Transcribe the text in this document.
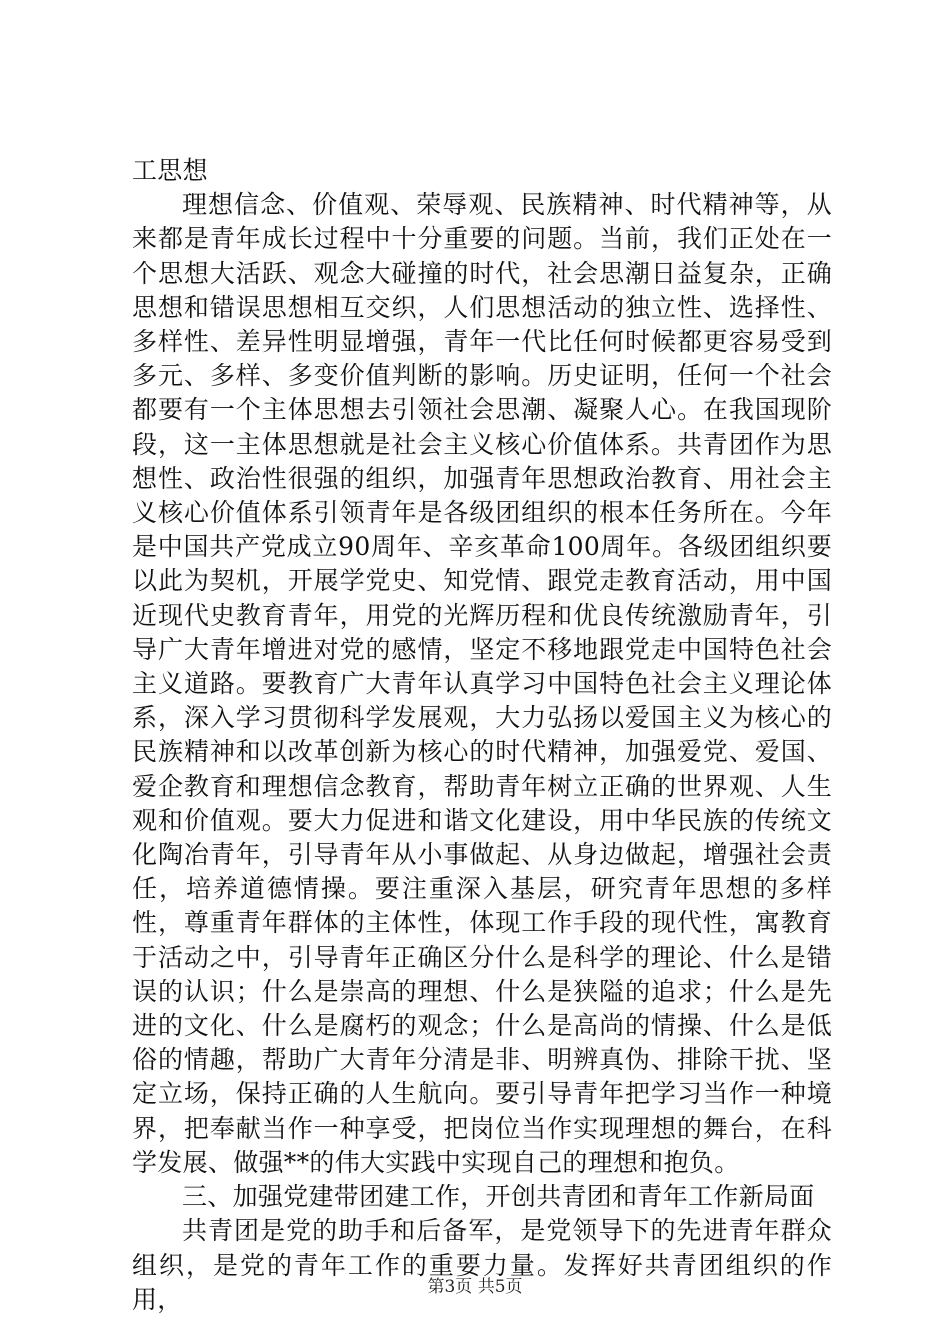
工思想

理想信念、价值观、荣辱观、民族精神、时代精神等，从来都是青年成长过程中十分重要的问题。当前，我们正处在一个思想大活跃、观念大碰撞的时代，社会思潮日益复杂，正确思想和错误思想相互交织，人们思想活动的独立性、选择性、多样性、差异性明显增强，青年一代比任何时候都更容易受到多元、多样、多变价值判断的影响。历史证明，任何一个社会都要有一个主体思想去引领社会思潮、凝聚人心。在我国现阶段，这一主体思想就是社会主义核心价值体系。共青团作为思想性、政治性很强的组织，加强青年思想政治教育、用社会主义核心价值体系引领青年是各级团组织的根本任务所在。今年是中国共产党成立90周年、辛亥革命100周年。各级团组织要以此为契机，开展学党史、知党情、跟党走教育活动，用中国近现代史教育青年，用党的光辉历程和优良传统激励青年，引导广大青年增进对党的感情，坚定不移地跟党走中国特色社会主义道路。要教育广大青年认真学习中国特色社会主义理论体系，深入学习贯彻科学发展观，大力弘扬以爱国主义为核心的民族精神和以改革创新为核心的时代精神，加强爱党、爱国、爱企教育和理想信念教育，帮助青年树立正确的世界观、人生观和价值观。要大力促进和谐文化建设，用中华民族的传统文化陶冶青年，引导青年从小事做起、从身边做起，增强社会责任，培养道德情操。要注重深入基层，研究青年思想的多样性，尊重青年群体的主体性，体现工作手段的现代性，寓教育于活动之中，引导青年正确区分什么是科学的理论、什么是错误的认识；什么是崇高的理想、什么是狭隘的追求；什么是先进的文化、什么是腐朽的观念；什么是高尚的情操、什么是低俗的情趣，帮助广大青年分清是非、明辨真伪、排除干扰、坚定立场，保持正确的人生航向。要引导青年把学习当作一种境界，把奉献当作一种享受，把岗位当作实现理想的舞台，在科学发展、做强**的伟大实践中实现自己的理想和抱负。

三、加强党建带团建工作，开创共青团和青年工作新局面

共青团是党的助手和后备军，是党领导下的先进青年群众组织，是党的青年工作的重要力量。发挥好共青团组织的作用，	第3页 共5页
